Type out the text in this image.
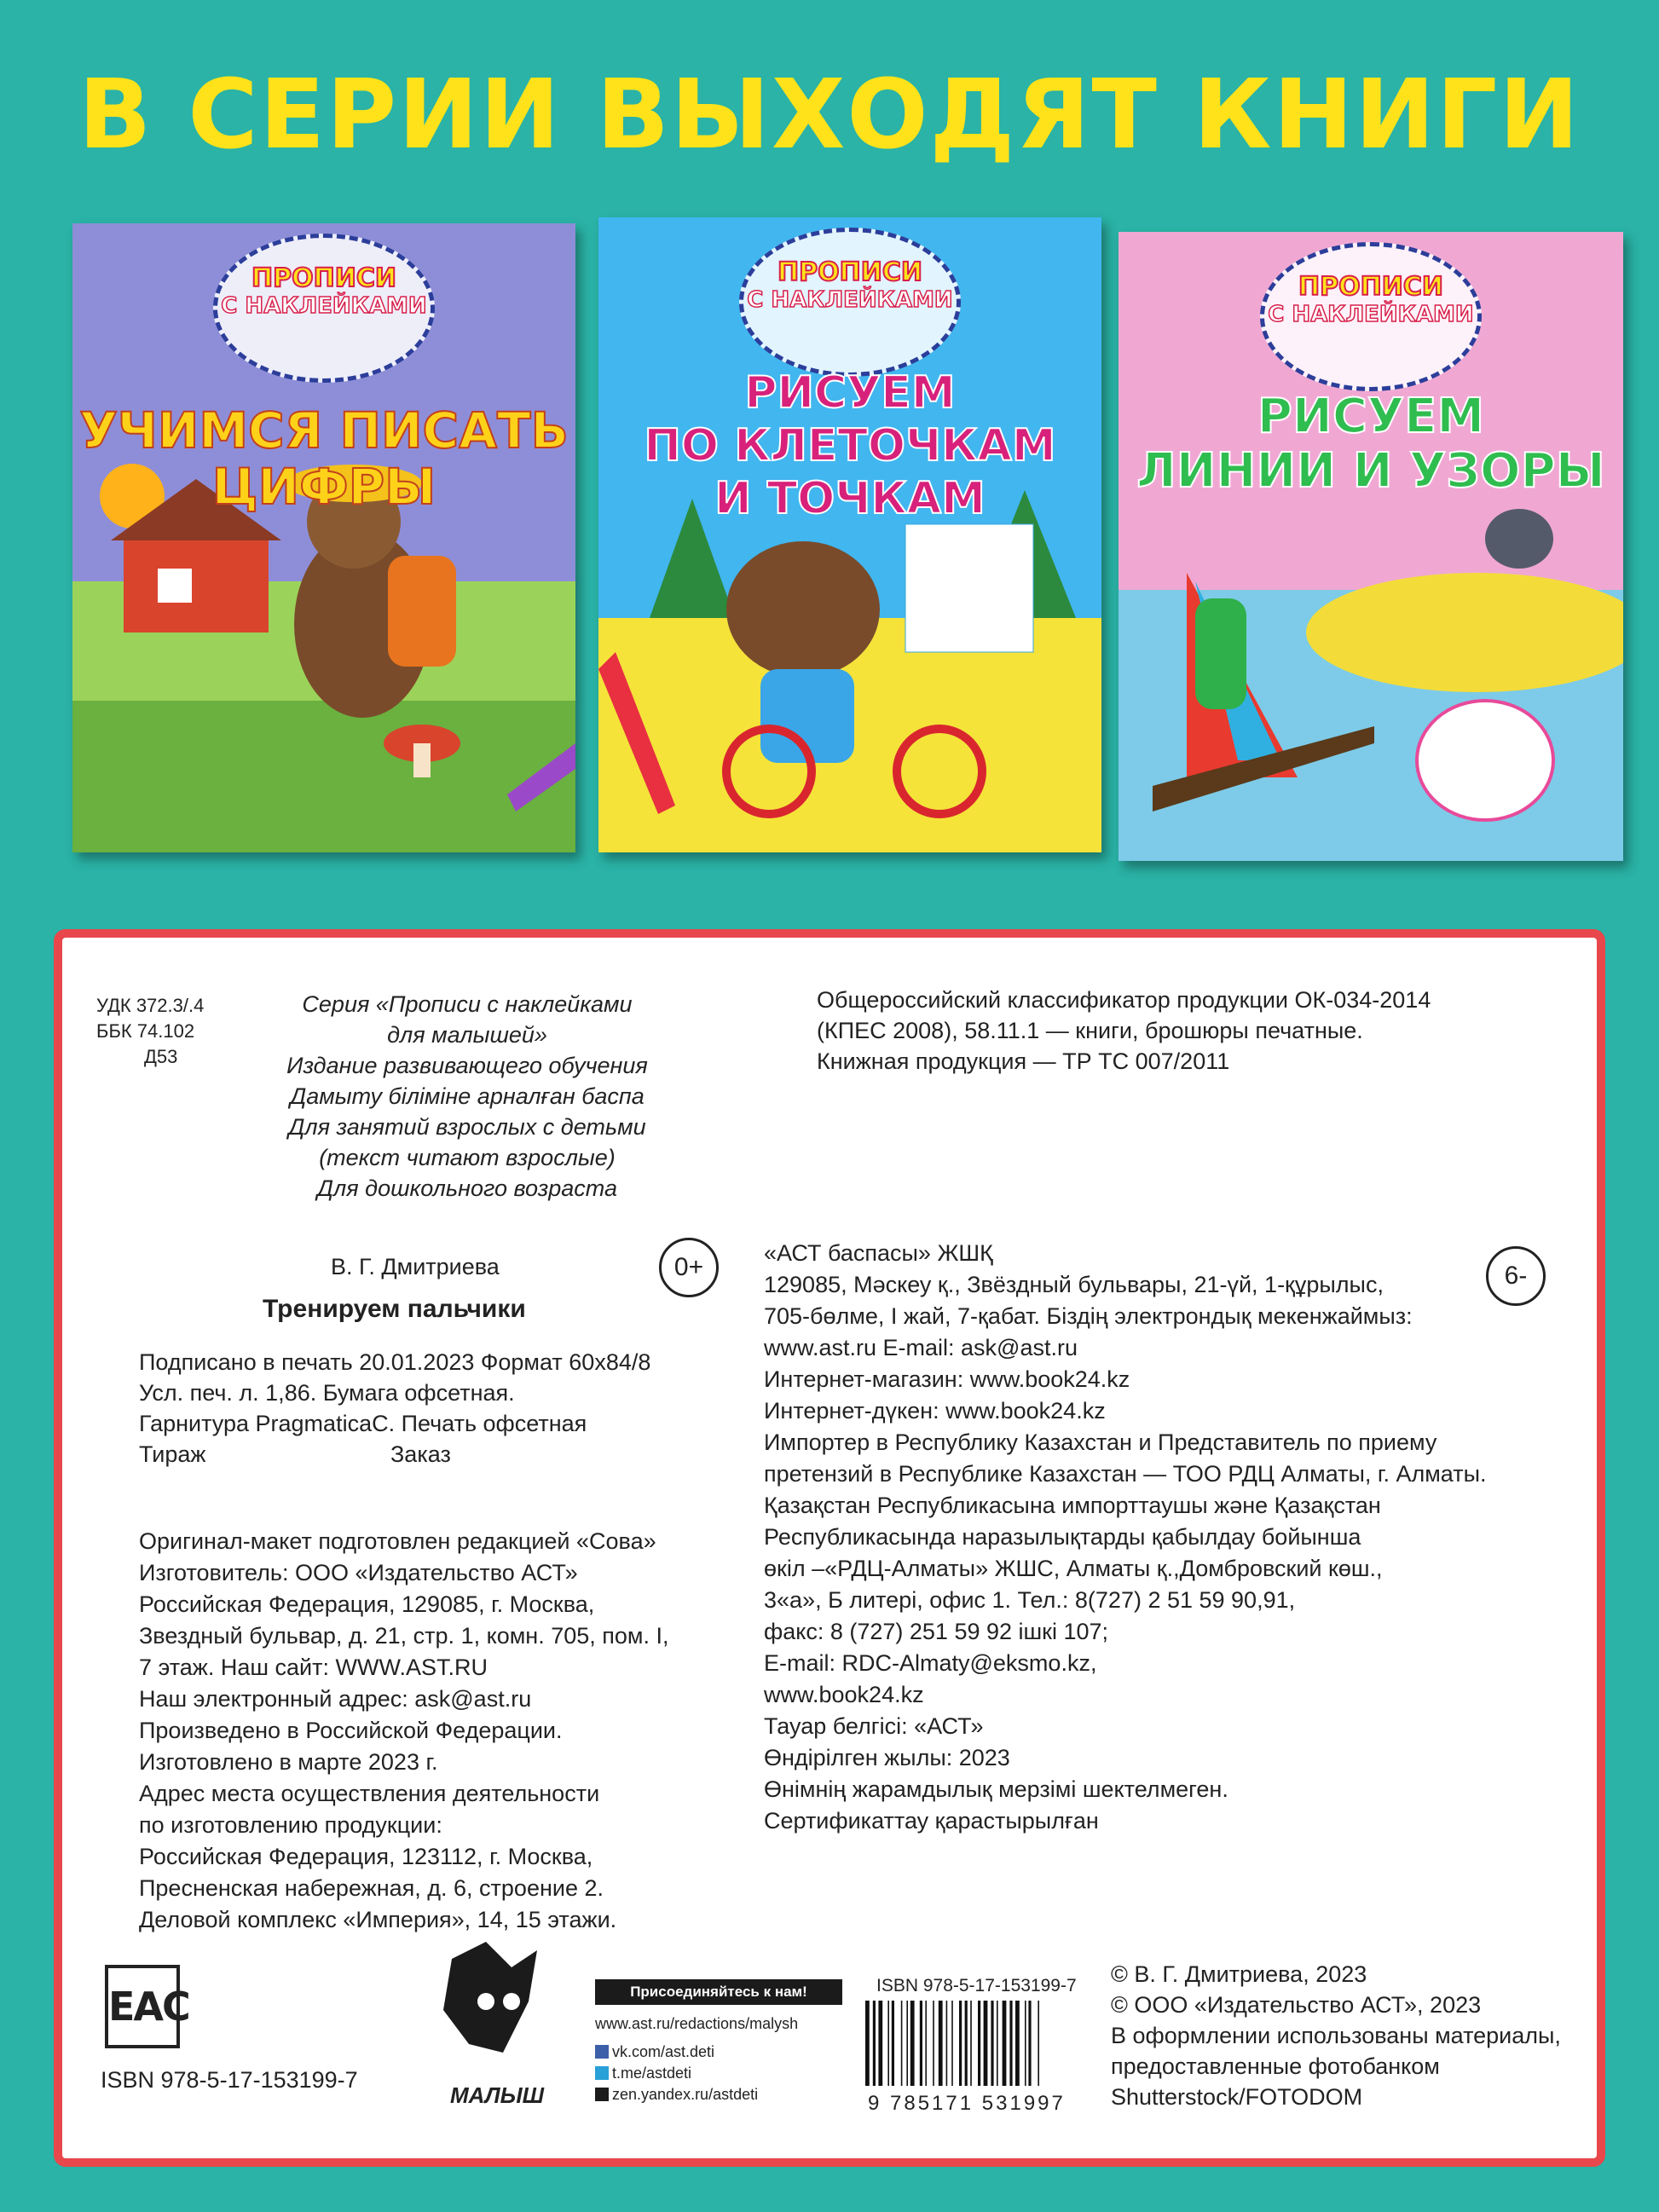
В СЕРИИ ВЫХОДЯТ КНИГИ
ПРОПИСИ
С НАКЛЕЙКАМИ
УЧИМСЯ ПИСАТЬ
ЦИФРЫ
ПРОПИСИ
С НАКЛЕЙКАМИ
РИСУЕМ
ПО КЛЕТОЧКАМ
И ТОЧКАМ
ПРОПИСИ
С НАКЛЕЙКАМИ
РИСУЕМ
ЛИНИИ И УЗОРЫ
УДК 372.3/.4
ББК 74.102
Д53
Серия «Прописи с наклейками
для малышей»
Издание развивающего обучения
Дамыту біліміне арналған баспа
Для занятий взрослых с детьми
(текст читают взрослые)
Для дошкольного возраста
Общероссийский классификатор продукции ОК-034-2014
(КПЕС 2008), 58.11.1 — книги, брошюры печатные.
Книжная продукция — ТР ТС 007/2011
В. Г. Дмитриева	0+
Тренируем пальчики
Подписано в печать 20.01.2023 Формат 60х84/8
Усл. печ. л. 1,86. Бумага офсетная.
Гарнитура PragmaticaC. Печать офсетная
Тираж	Заказ
Оригинал-макет подготовлен редакцией «Сова»
Изготовитель: ООО «Издательство АСТ»
Российская Федерация, 129085, г. Москва,
Звездный бульвар, д. 21, стр. 1, комн. 705, пом. I,
7 этаж. Наш сайт: WWW.AST.RU
Наш электронный адрес: ask@ast.ru
Произведено в Российской Федерации.
Изготовлено в марте 2023 г.
Адрес места осуществления деятельности
по изготовлению продукции:
Российская Федерация, 123112, г. Москва,
Пресненская набережная, д. 6, строение 2.
Деловой комплекс «Империя», 14, 15 этажи.
6-
«АСТ баспасы» ЖШҚ
129085, Мәскеу қ., Звёздный бульвары, 21-үй, 1-құрылыс,
705-бөлме, I жай, 7-қабат. Біздің электрондық мекенжаймыз:
www.ast.ru E-mail: ask@ast.ru
Интернет-магазин: www.book24.kz
Интернет-дүкен: www.book24.kz
Импортер в Республику Казахстан и Представитель по приему
претензий в Республике Казахстан — ТОО РДЦ Алматы, г. Алматы.
Қазақстан Республикасына импорттаушы және Қазақстан
Республикасында наразылықтарды қабылдау бойынша
өкіл –«РДЦ-Алматы» ЖШС, Алматы қ.,Домбровский көш.,
3«а», Б литері, офис 1. Тел.: 8(727) 2 51 59 90,91,
факс: 8 (727) 251 59 92 ішкі 107;
E-mail: RDC-Almaty@eksmo.kz,
www.book24.kz
Тауар белгісі: «АСТ»
Өндірілген жылы: 2023
Өнімнің жарамдылық мерзімі шектелмеген.
Сертификаттау қарастырылған
EAC
ISBN 978-5-17-153199-7
МАЛЫШ
Присоединяйтесь к нам!
www.ast.ru/redactions/malysh
vk.com/ast.deti
t.me/astdeti
zen.yandex.ru/astdeti
ISBN 978-5-17-153199-7
9 785171 531997
© В. Г. Дмитриева, 2023
© ООО «Издательство АСТ», 2023
В оформлении использованы материалы,
предоставленные фотобанком
Shutterstock/FOTODOM
